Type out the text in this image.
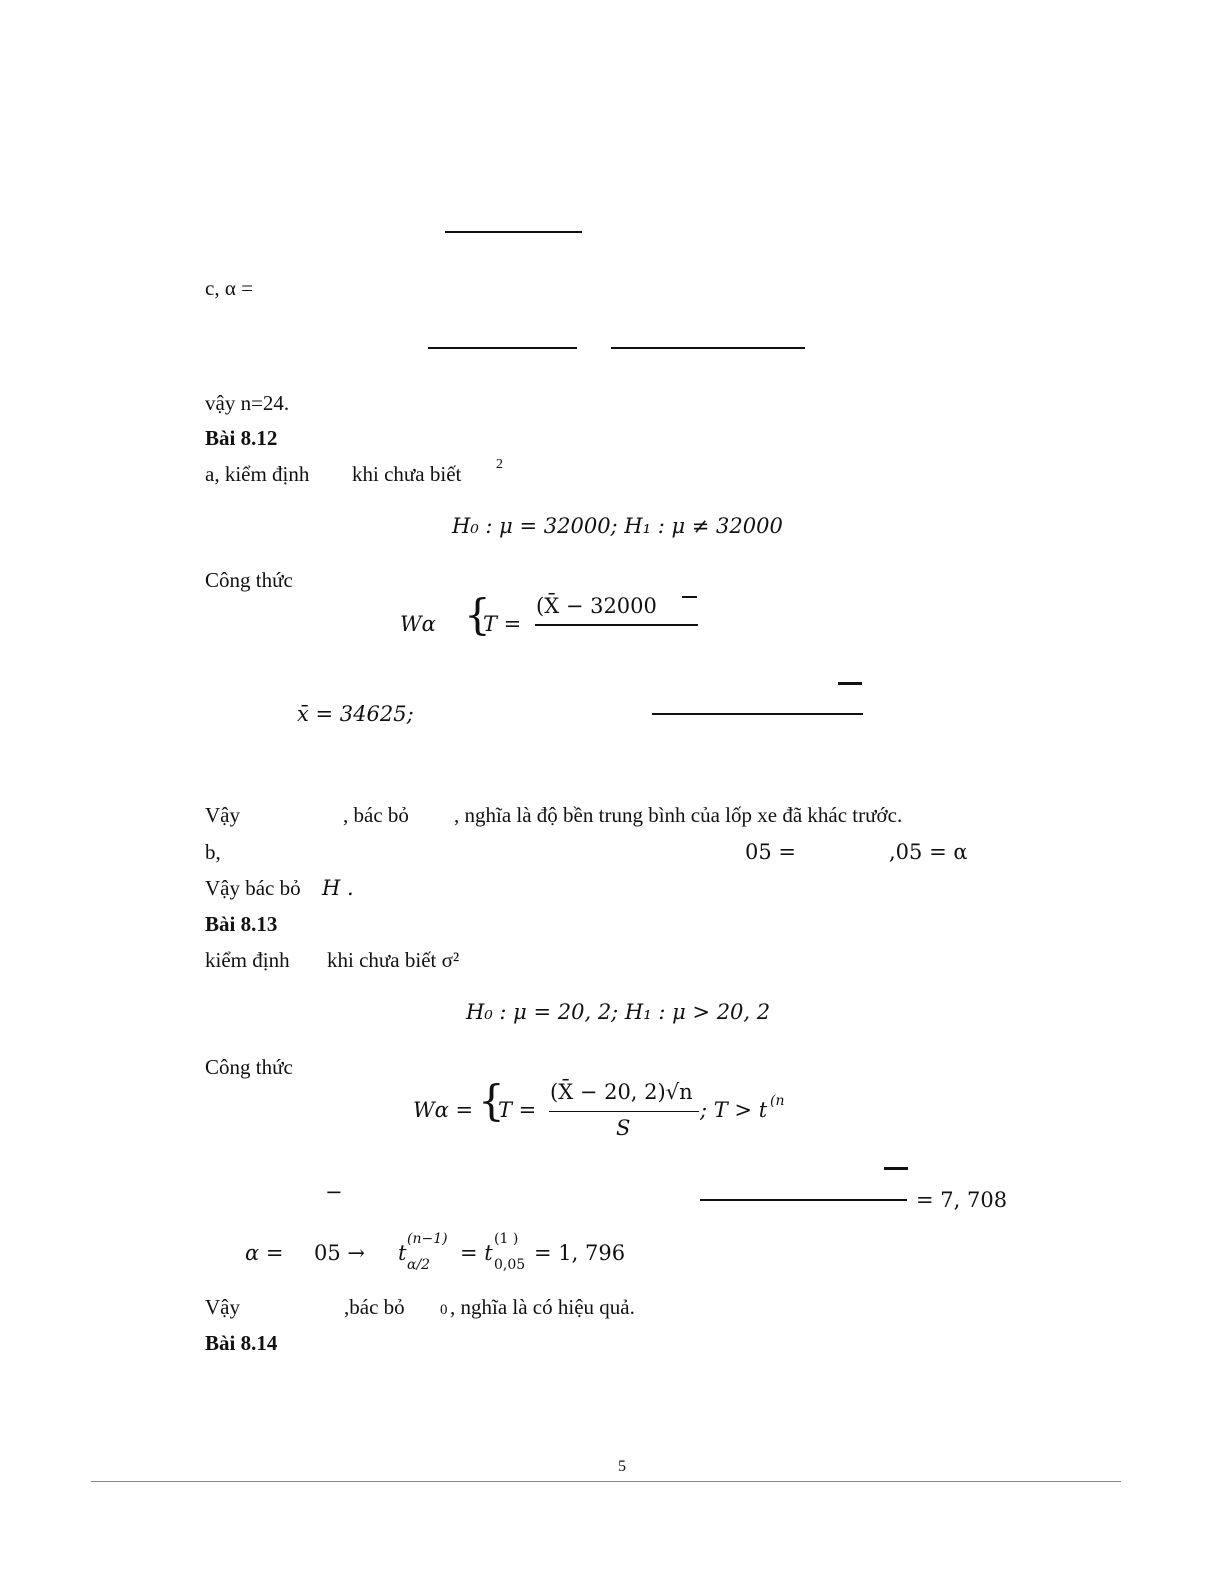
c, α =
vậy n=24.
Bài 8.12
a, kiểm định khi chưa biết 2
H₀ : μ = 32000; H₁ : μ ≠ 32000
Công thức
Wα {
T =
(X̄ − 32000
x̄ = 34625;
Vậy	, bác bỏ , nghĩa là độ bền trung bình của lốp xe đã khác trước.
b,	05 =	,05 = α
Vậy bác bỏ H .
Bài 8.13
kiểm định khi chưa biết σ²
H₀ : μ = 20, 2; H₁ : μ > 20, 2
Công thức
Wα = {
T =
(X̄ − 20, 2)√n
S
; T > t (n
−	= 7, 708
α = 05 → t
(n−1)
α/2 = t
(1 )
0,05 = 1, 796
Vậy	,bác bỏ 0 , nghĩa là có hiệu quả.
Bài 8.14
5
